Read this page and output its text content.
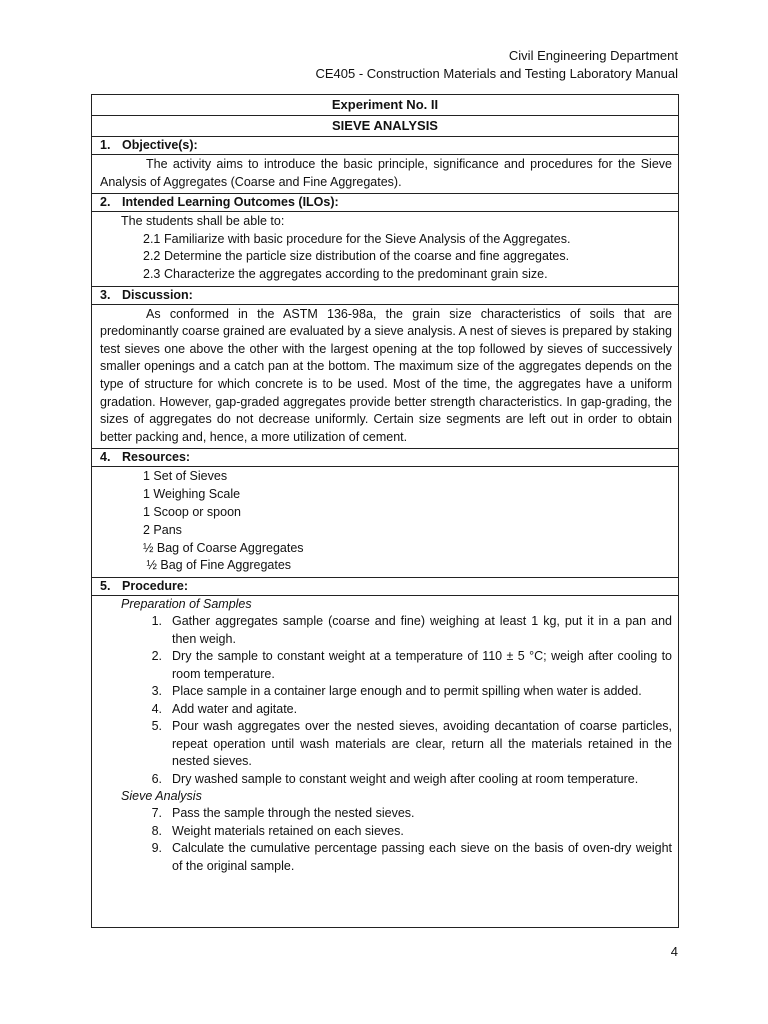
Civil Engineering Department
CE405 - Construction Materials and Testing Laboratory Manual
Experiment No. II
SIEVE ANALYSIS
1. Objective(s):
The activity aims to introduce the basic principle, significance and procedures for the Sieve Analysis of Aggregates (Coarse and Fine Aggregates).
2. Intended Learning Outcomes (ILOs):
The students shall be able to:
2.1 Familiarize with basic procedure for the Sieve Analysis of the Aggregates.
2.2 Determine the particle size distribution of the coarse and fine aggregates.
2.3 Characterize the aggregates according to the predominant grain size.
3. Discussion:
As conformed in the ASTM 136-98a, the grain size characteristics of soils that are predominantly coarse grained are evaluated by a sieve analysis. A nest of sieves is prepared by staking test sieves one above the other with the largest opening at the top followed by sieves of successively smaller openings and a catch pan at the bottom. The maximum size of the aggregates depends on the type of structure for which concrete is to be used. Most of the time, the aggregates have a uniform gradation. However, gap-graded aggregates provide better strength characteristics. In gap-grading, the sizes of aggregates do not decrease uniformly. Certain size segments are left out in order to obtain better packing and, hence, a more utilization of cement.
4. Resources:
1 Set of Sieves
1 Weighing Scale
1 Scoop or spoon
2 Pans
½ Bag of Coarse Aggregates
½ Bag of Fine Aggregates
5. Procedure:
Preparation of Samples
1. Gather aggregates sample (coarse and fine) weighing at least 1 kg, put it in a pan and then weigh.
2. Dry the sample to constant weight at a temperature of 110 ± 5 °C; weigh after cooling to room temperature.
3. Place sample in a container large enough and to permit spilling when water is added.
4. Add water and agitate.
5. Pour wash aggregates over the nested sieves, avoiding decantation of coarse particles, repeat operation until wash materials are clear, return all the materials retained in the nested sieves.
6. Dry washed sample to constant weight and weigh after cooling at room temperature.
Sieve Analysis
7. Pass the sample through the nested sieves.
8. Weight materials retained on each sieves.
9. Calculate the cumulative percentage passing each sieve on the basis of oven-dry weight of the original sample.
4
